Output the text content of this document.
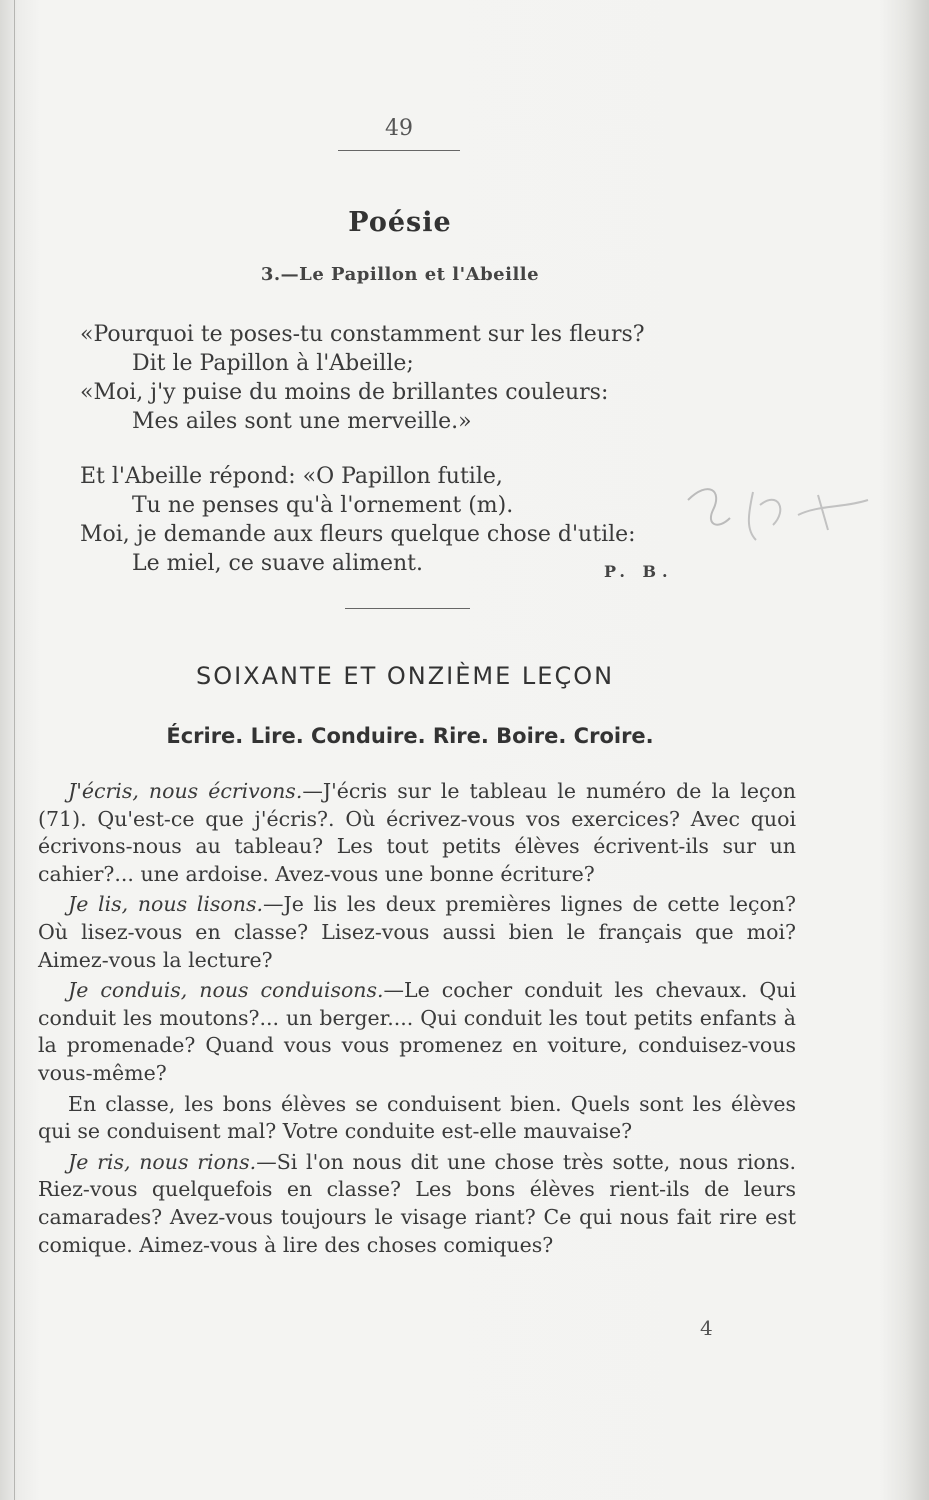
49
Poésie
3.—Le Papillon et l'Abeille
«Pourquoi te poses-tu constamment sur les fleurs?
Dit le Papillon à l'Abeille;
«Moi, j'y puise du moins de brillantes couleurs:
Mes ailes sont une merveille.»
Et l'Abeille répond: «O Papillon futile,
Tu ne penses qu'à l'ornement (m).
Moi, je demande aux fleurs quelque chose d'utile:
Le miel, ce suave aliment.	P. B.
SOIXANTE ET ONZIÈME LEÇON
Écrire. Lire. Conduire. Rire. Boire. Croire.

J'écris, nous écrivons.—J'écris sur le tableau le numéro de la leçon (71). Qu'est-ce que j'écris?. Où écrivez-vous vos exercices? Avec quoi écrivons-nous au tableau? Les tout petits élèves écrivent-ils sur un cahier?... une ardoise. Avez-vous une bonne écriture?

Je lis, nous lisons.—Je lis les deux premières lignes de cette leçon? Où lisez-vous en classe? Lisez-vous aussi bien le français que moi? Aimez-vous la lecture?

Je conduis, nous conduisons.—Le cocher conduit les chevaux. Qui conduit les moutons?... un berger.... Qui conduit les tout petits enfants à la promenade? Quand vous vous promenez en voiture, conduisez-vous vous-même?

En classe, les bons élèves se conduisent bien. Quels sont les élèves qui se conduisent mal? Votre conduite est-elle mauvaise?

Je ris, nous rions.—Si l'on nous dit une chose très sotte, nous rions. Riez-vous quelquefois en classe? Les bons élèves rient-ils de leurs camarades? Avez-vous toujours le visage riant? Ce qui nous fait rire est comique. Aimez-vous à lire des choses comiques?

4
